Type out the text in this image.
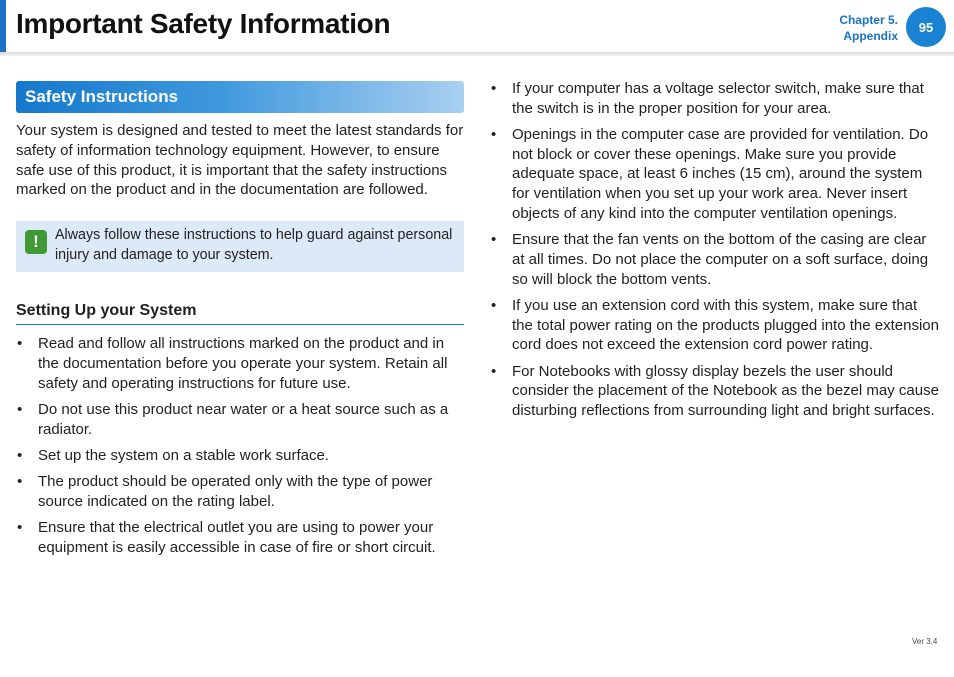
Important Safety Information	Chapter 5.
Appendix
95
Safety Instructions

Your system is designed and tested to meet the latest standards for safety of information technology equipment. However, to ensure safe use of this product, it is important that the safety instructions marked on the product and in the documentation are followed.

!	Always follow these instructions to help guard against personal injury and damage to your system.
Setting Up your System
• Read and follow all instructions marked on the product and in the documentation before you operate your system. Retain all safety and operating instructions for future use.
• Do not use this product near water or a heat source such as a radiator.
• Set up the system on a stable work surface.
• The product should be operated only with the type of power source indicated on the rating label.
• Ensure that the electrical outlet you are using to power your equipment is easily accessible in case of fire or short circuit.
• If your computer has a voltage selector switch, make sure that the switch is in the proper position for your area.
• Openings in the computer case are provided for ventilation. Do not block or cover these openings. Make sure you provide adequate space, at least 6 inches (15 cm), around the system for ventilation when you set up your work area. Never insert objects of any kind into the computer ventilation openings.
• Ensure that the fan vents on the bottom of the casing are clear at all times. Do not place the computer on a soft surface, doing so will block the bottom vents.
• If you use an extension cord with this system, make sure that the total power rating on the products plugged into the extension cord does not exceed the extension cord power rating.
• For Notebooks with glossy display bezels the user should consider the placement of the Notebook as the bezel may cause disturbing reflections from surrounding light and bright surfaces.
Ver 3.4
